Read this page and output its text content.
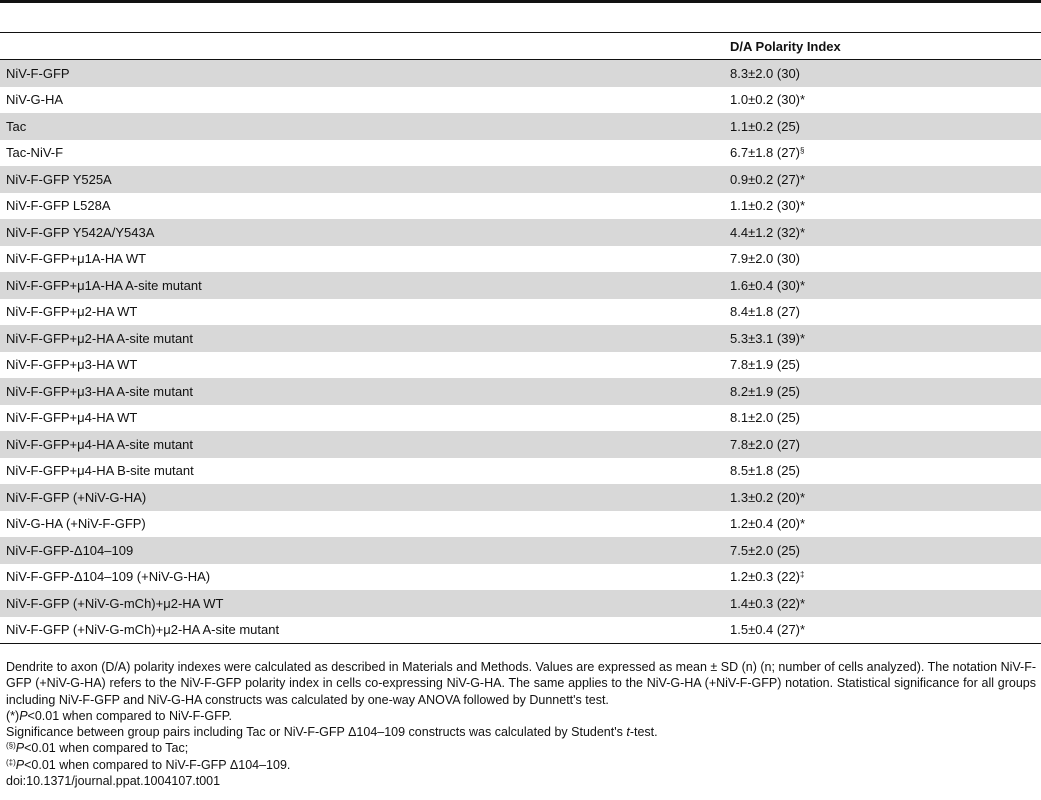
	D/A Polarity Index
NiV-F-GFP	8.3±2.0 (30)
NiV-G-HA	1.0±0.2 (30)*
Tac	1.1±0.2 (25)
Tac-NiV-F	6.7±1.8 (27)§
NiV-F-GFP Y525A	0.9±0.2 (27)*
NiV-F-GFP L528A	1.1±0.2 (30)*
NiV-F-GFP Y542A/Y543A	4.4±1.2 (32)*
NiV-F-GFP+μ1A-HA WT	7.9±2.0 (30)
NiV-F-GFP+μ1A-HA A-site mutant	1.6±0.4 (30)*
NiV-F-GFP+μ2-HA WT	8.4±1.8 (27)
NiV-F-GFP+μ2-HA A-site mutant	5.3±3.1 (39)*
NiV-F-GFP+μ3-HA WT	7.8±1.9 (25)
NiV-F-GFP+μ3-HA A-site mutant	8.2±1.9 (25)
NiV-F-GFP+μ4-HA WT	8.1±2.0 (25)
NiV-F-GFP+μ4-HA A-site mutant	7.8±2.0 (27)
NiV-F-GFP+μ4-HA B-site mutant	8.5±1.8 (25)
NiV-F-GFP (+NiV-G-HA)	1.3±0.2 (20)*
NiV-G-HA (+NiV-F-GFP)	1.2±0.4 (20)*
NiV-F-GFP-Δ104–109	7.5±2.0 (25)
NiV-F-GFP-Δ104–109 (+NiV-G-HA)	1.2±0.3 (22)‡
NiV-F-GFP (+NiV-G-mCh)+μ2-HA WT	1.4±0.3 (22)*
NiV-F-GFP (+NiV-G-mCh)+μ2-HA A-site mutant	1.5±0.4 (27)*

Dendrite to axon (D/A) polarity indexes were calculated as described in Materials and Methods. Values are expressed as mean ± SD (n) (n; number of cells analyzed). The notation NiV-F-GFP (+NiV-G-HA) refers to the NiV-F-GFP polarity index in cells co-expressing NiV-G-HA. The same applies to the NiV-G-HA (+NiV-F-GFP) notation. Statistical significance for all groups including NiV-F-GFP and NiV-G-HA constructs was calculated by one-way ANOVA followed by Dunnett's test.

(*)P<0.01 when compared to NiV-F-GFP.

Significance between group pairs including Tac or NiV-F-GFP Δ104–109 constructs was calculated by Student's t-test.

(§)P<0.01 when compared to Tac;

(‡)P<0.01 when compared to NiV-F-GFP Δ104–109.

doi:10.1371/journal.ppat.1004107.t001
